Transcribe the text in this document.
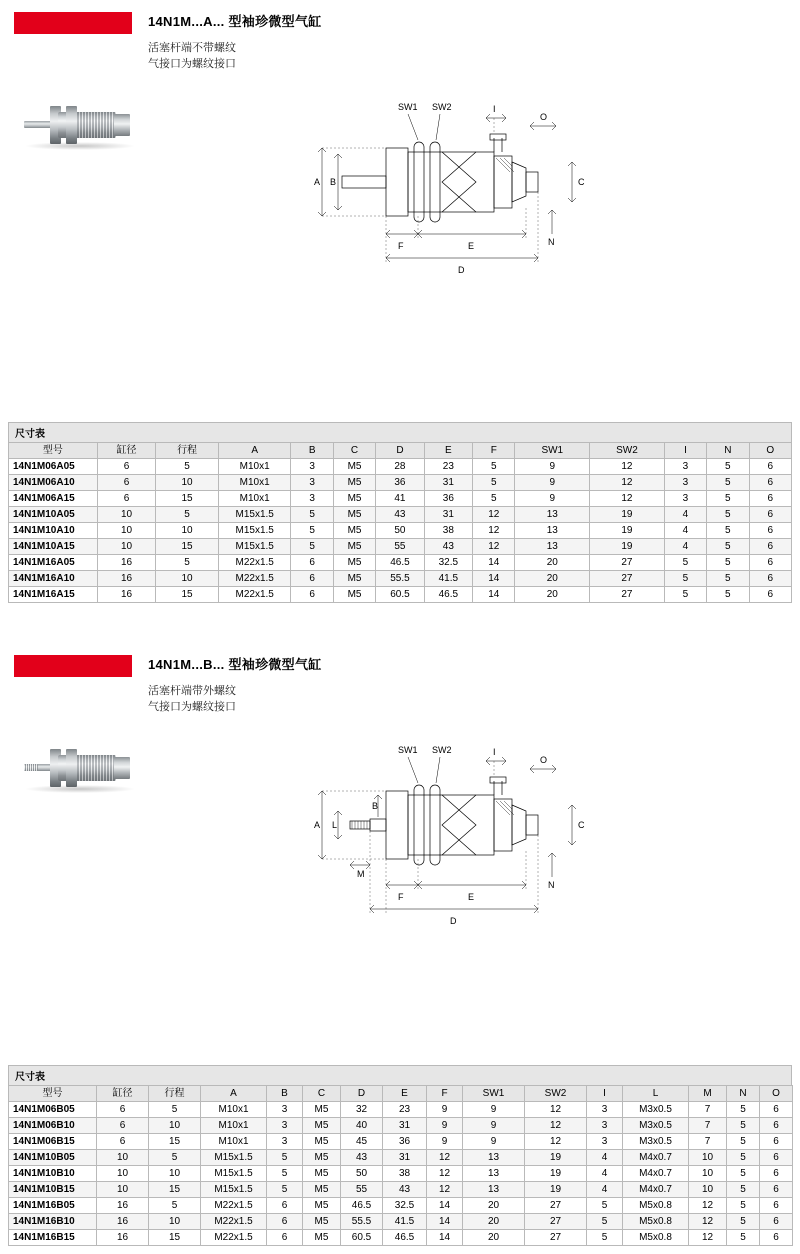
14N1M...A... 型袖珍微型气缸
活塞杆端不带螺纹
气接口为螺纹接口
SW1 SW2	I
O
A B	C
N
F	E
D
尺寸表
型号	缸径	行程	A	B	C	D	E	F	SW1	SW2	I	N	O
14N1M06A05	6	5	M10x1	3	M5	28	23	5	9	12	3	5	6
14N1M06A10	6	10	M10x1	3	M5	36	31	5	9	12	3	5	6
14N1M06A15	6	15	M10x1	3	M5	41	36	5	9	12	3	5	6
14N1M10A05	10	5	M15x1.5	5	M5	43	31	12	13	19	4	5	6
14N1M10A10	10	10	M15x1.5	5	M5	50	38	12	13	19	4	5	6
14N1M10A15	10	15	M15x1.5	5	M5	55	43	12	13	19	4	5	6
14N1M16A05	16	5	M22x1.5	6	M5	46.5	32.5	14	20	27	5	5	6
14N1M16A10	16	10	M22x1.5	6	M5	55.5	41.5	14	20	27	5	5	6
14N1M16A15	16	15	M22x1.5	6	M5	60.5	46.5	14	20	27	5	5	6
14N1M...B... 型袖珍微型气缸
活塞杆端带外螺纹
气接口为螺纹接口
SW1 SW2	I
O
A L
B
C
N
M
F	E
D
尺寸表
型号	缸径	行程	A	B	C	D	E	F	SW1	SW2	I	L	M	N	O
14N1M06B05	6	5	M10x1	3	M5	32	23	9	9	12	3	M3x0.5	7	5	6
14N1M06B10	6	10	M10x1	3	M5	40	31	9	9	12	3	M3x0.5	7	5	6
14N1M06B15	6	15	M10x1	3	M5	45	36	9	9	12	3	M3x0.5	7	5	6
14N1M10B05	10	5	M15x1.5	5	M5	43	31	12	13	19	4	M4x0.7	10	5	6
14N1M10B10	10	10	M15x1.5	5	M5	50	38	12	13	19	4	M4x0.7	10	5	6
14N1M10B15	10	15	M15x1.5	5	M5	55	43	12	13	19	4	M4x0.7	10	5	6
14N1M16B05	16	5	M22x1.5	6	M5	46.5	32.5	14	20	27	5	M5x0.8	12	5	6
14N1M16B10	16	10	M22x1.5	6	M5	55.5	41.5	14	20	27	5	M5x0.8	12	5	6
14N1M16B15	16	15	M22x1.5	6	M5	60.5	46.5	14	20	27	5	M5x0.8	12	5	6
